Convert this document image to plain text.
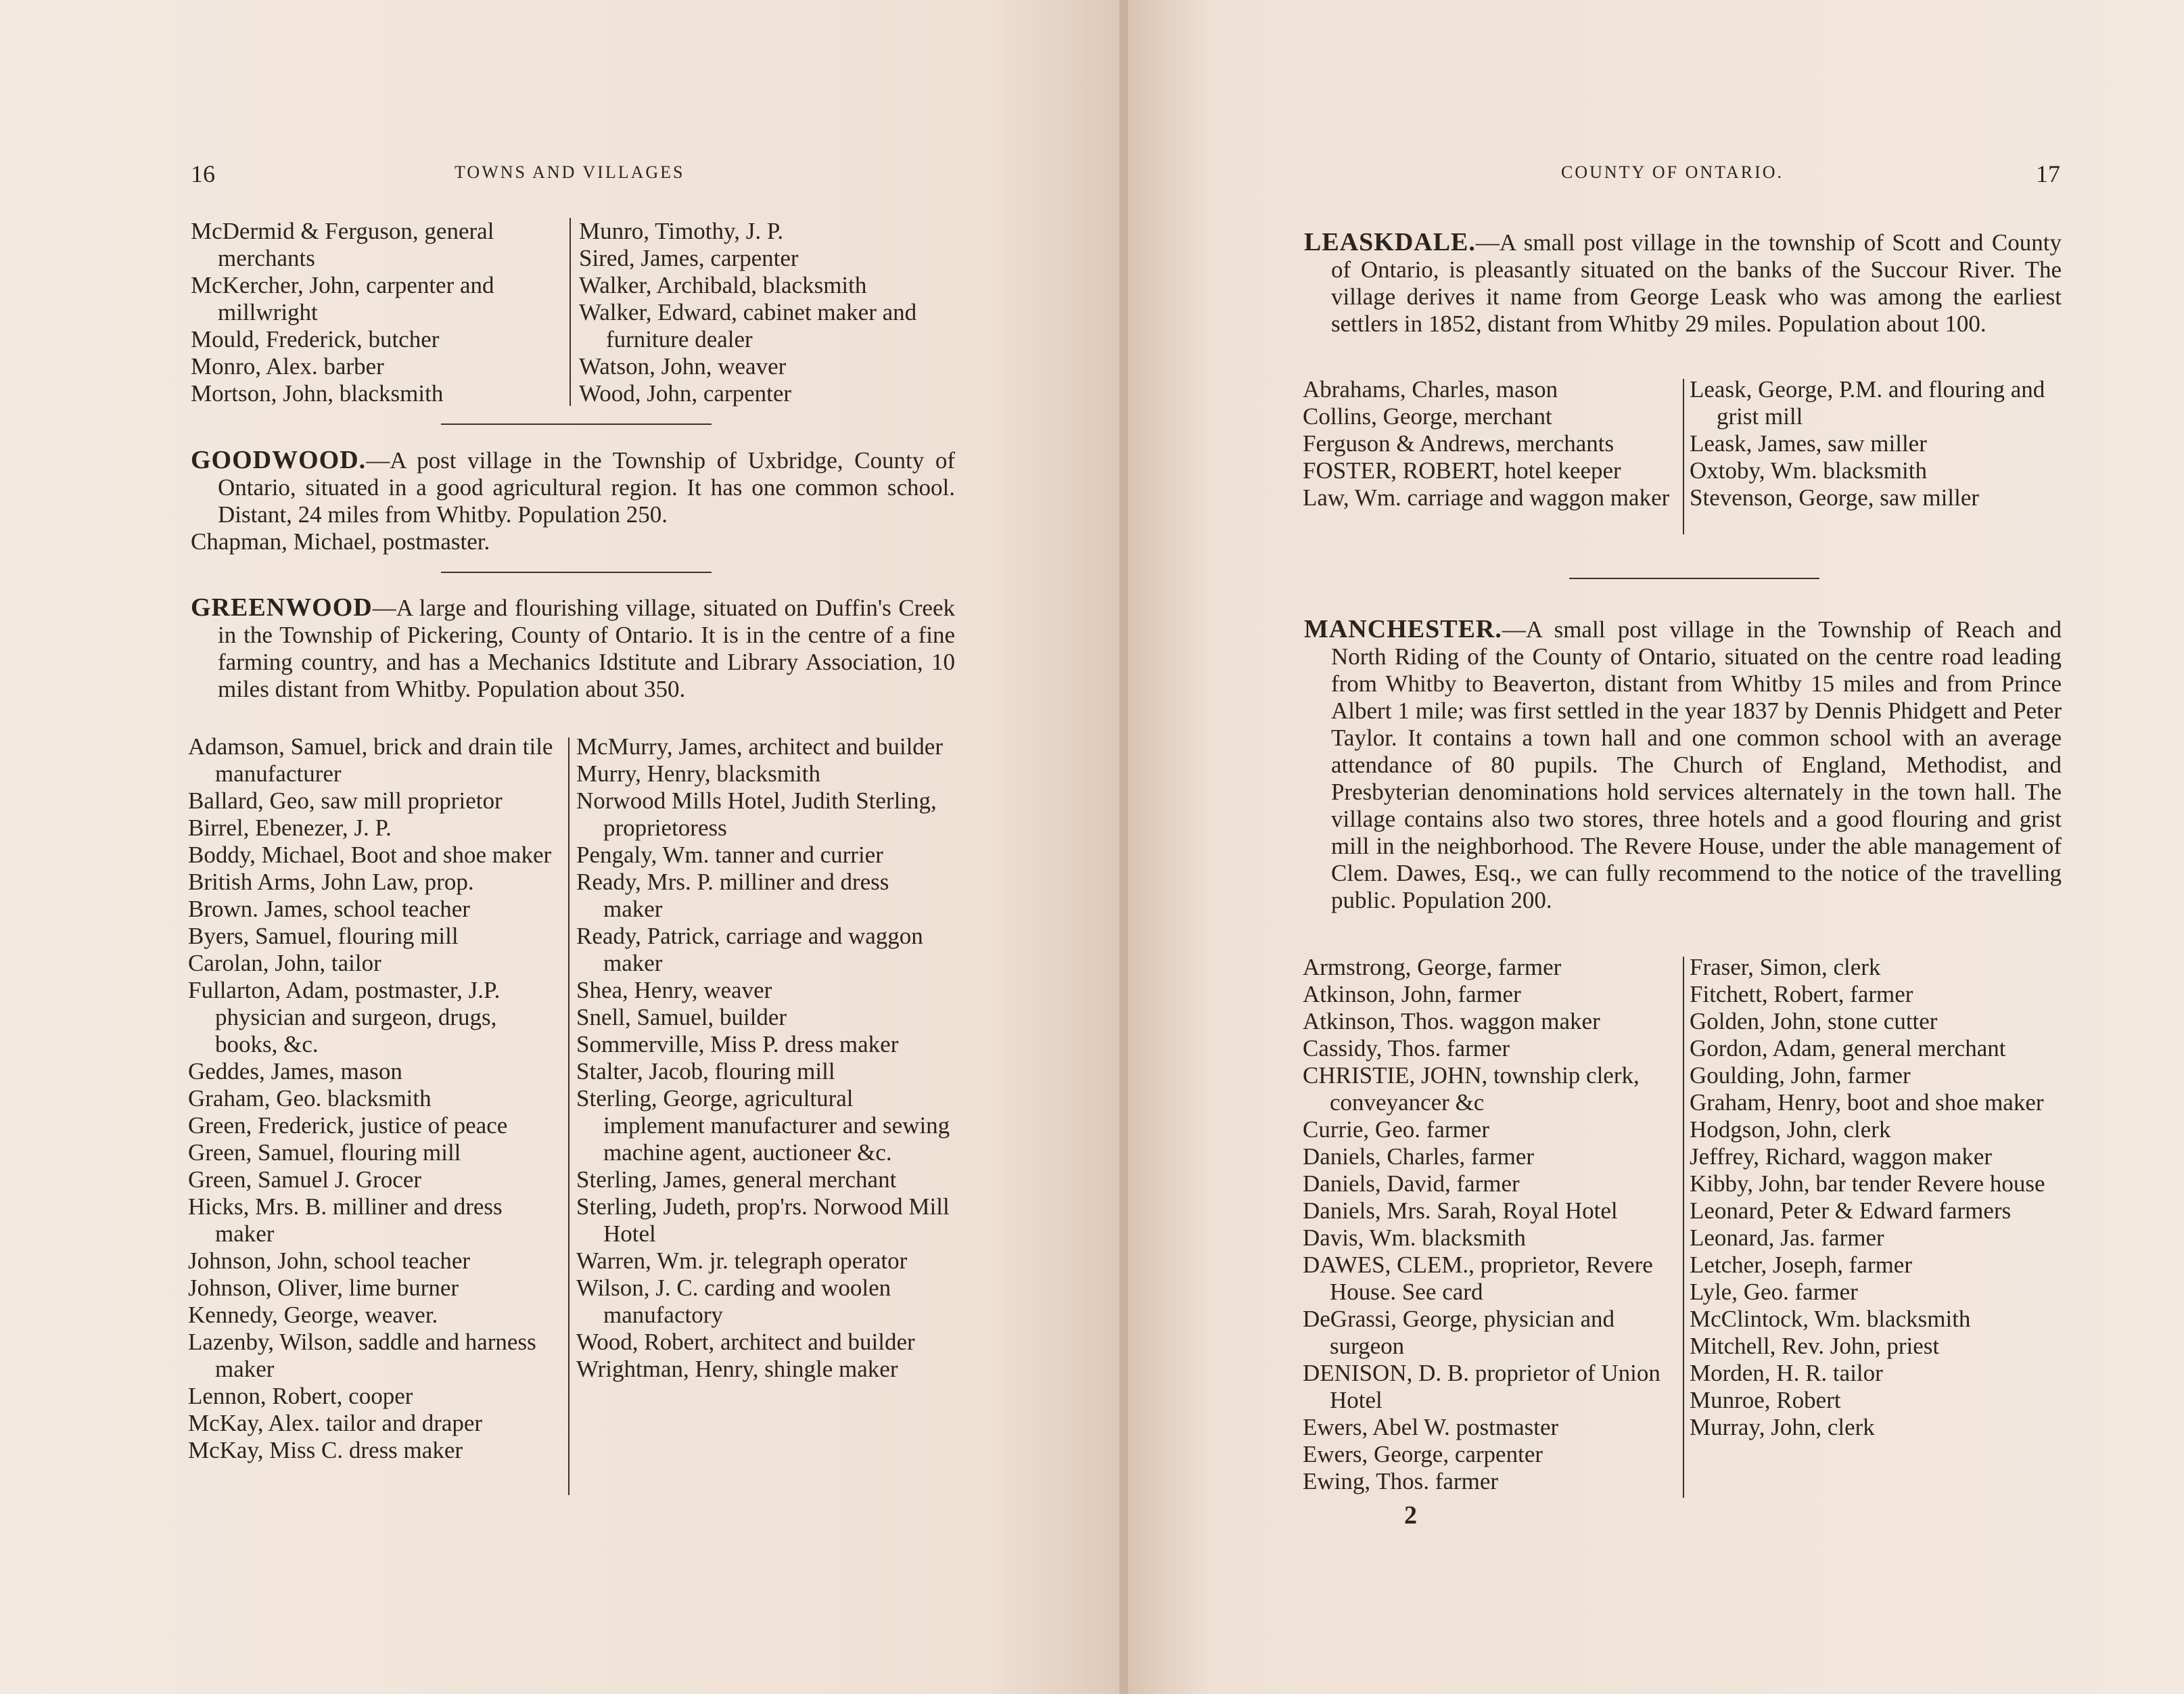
16	TOWNS AND VILLAGES

McDermid & Ferguson, general merchants

McKercher, John, carpenter and millwright

Mould, Frederick, butcher

Monro, Alex. barber

Mortson, John, blacksmith

Munro, Timothy, J. P.

Sired, James, carpenter

Walker, Archibald, blacksmith

Walker, Edward, cabinet maker and furniture dealer

Watson, John, weaver

Wood, John, carpenter

GOODWOOD.—A post village in the Township of Uxbridge, County of Ontario, situated in a good agricultural region. It has one common school. Distant, 24 miles from Whitby. Population 250.

Chapman, Michael, postmaster.

GREENWOOD—A large and flourishing village, situated on Duffin's Creek in the Township of Pickering, County of Ontario. It is in the centre of a fine farming country, and has a Mechanics Idstitute and Library Association, 10 miles distant from Whitby. Population about 350.

Adamson, Samuel, brick and drain tile manufacturer

Ballard, Geo, saw mill proprietor

Birrel, Ebenezer, J. P.

Boddy, Michael, Boot and shoe maker

British Arms, John Law, prop.

Brown. James, school teacher

Byers, Samuel, flouring mill

Carolan, John, tailor

Fullarton, Adam, postmaster, J.P. physician and surgeon, drugs, books, &c.

Geddes, James, mason

Graham, Geo. blacksmith

Green, Frederick, justice of peace

Green, Samuel, flouring mill

Green, Samuel J. Grocer

Hicks, Mrs. B. milliner and dress maker

Johnson, John, school teacher

Johnson, Oliver, lime burner

Kennedy, George, weaver.

Lazenby, Wilson, saddle and harness maker

Lennon, Robert, cooper

McKay, Alex. tailor and draper

McKay, Miss C. dress maker

McMurry, James, architect and builder

Murry, Henry, blacksmith

Norwood Mills Hotel, Judith Sterling, proprietoress

Pengaly, Wm. tanner and currier

Ready, Mrs. P. milliner and dress maker

Ready, Patrick, carriage and waggon maker

Shea, Henry, weaver

Snell, Samuel, builder

Sommerville, Miss P. dress maker

Stalter, Jacob, flouring mill

Sterling, George, agricultural implement manufacturer and sewing machine agent, auctioneer &c.

Sterling, James, general merchant

Sterling, Judeth, prop'rs. Norwood Mill Hotel

Warren, Wm. jr. telegraph operator

Wilson, J. C. carding and woolen manufactory

Wood, Robert, architect and builder

Wrightman, Henry, shingle maker

COUNTY OF ONTARIO.	17

LEASKDALE.—A small post village in the township of Scott and County of Ontario, is pleasantly situated on the banks of the Succour River. The village derives it name from George Leask who was among the earliest settlers in 1852, distant from Whitby 29 miles. Population about 100.

Abrahams, Charles, mason

Collins, George, merchant

Ferguson & Andrews, merchants

FOSTER, ROBERT, hotel keeper

Law, Wm. carriage and waggon maker

Leask, George, P.M. and flouring and grist mill

Leask, James, saw miller

Oxtoby, Wm. blacksmith

Stevenson, George, saw miller

MANCHESTER.—A small post village in the Township of Reach and North Riding of the County of Ontario, situated on the centre road leading from Whitby to Beaverton, distant from Whitby 15 miles and from Prince Albert 1 mile; was first settled in the year 1837 by Dennis Phidgett and Peter Taylor. It contains a town hall and one common school with an average attendance of 80 pupils. The Church of England, Methodist, and Presbyterian denominations hold services alternately in the town hall. The village contains also two stores, three hotels and a good flouring and grist mill in the neighborhood. The Revere House, under the able management of Clem. Dawes, Esq., we can fully recommend to the notice of the travelling public. Population 200.

Armstrong, George, farmer

Atkinson, John, farmer

Atkinson, Thos. waggon maker

Cassidy, Thos. farmer

CHRISTIE, JOHN, township clerk, conveyancer &c

Currie, Geo. farmer

Daniels, Charles, farmer

Daniels, David, farmer

Daniels, Mrs. Sarah, Royal Hotel

Davis, Wm. blacksmith

DAWES, CLEM., proprietor, Revere House. See card

DeGrassi, George, physician and surgeon

DENISON, D. B. proprietor of Union Hotel

Ewers, Abel W. postmaster

Ewers, George, carpenter

Ewing, Thos. farmer

Fraser, Simon, clerk

Fitchett, Robert, farmer

Golden, John, stone cutter

Gordon, Adam, general merchant

Goulding, John, farmer

Graham, Henry, boot and shoe maker

Hodgson, John, clerk

Jeffrey, Richard, waggon maker

Kibby, John, bar tender Revere house

Leonard, Peter & Edward farmers

Leonard, Jas. farmer

Letcher, Joseph, farmer

Lyle, Geo. farmer

McClintock, Wm. blacksmith

Mitchell, Rev. John, priest

Morden, H. R. tailor

Munroe, Robert

Murray, John, clerk

2
